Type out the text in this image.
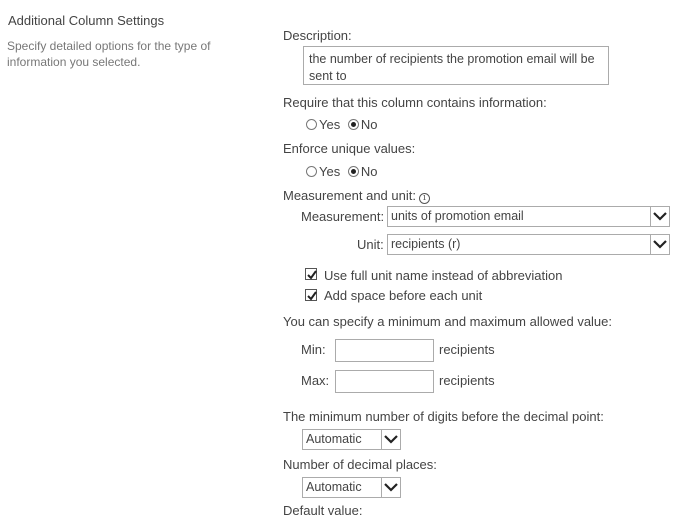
Additional Column Settings
Specify detailed options for the type of information you selected.
Description:
the number of recipients the promotion email will be sent to
Require that this column contains information:
Yes No
Enforce unique values:
Yes No
Measurement and unit: i
Measurement: units of promotion email
Unit: recipients (r)
Use full unit name instead of abbreviation
Add space before each unit
You can specify a minimum and maximum allowed value:
Min:	recipients
Max:	recipients
The minimum number of digits before the decimal point:
Automatic
Number of decimal places:
Automatic
Default value:
